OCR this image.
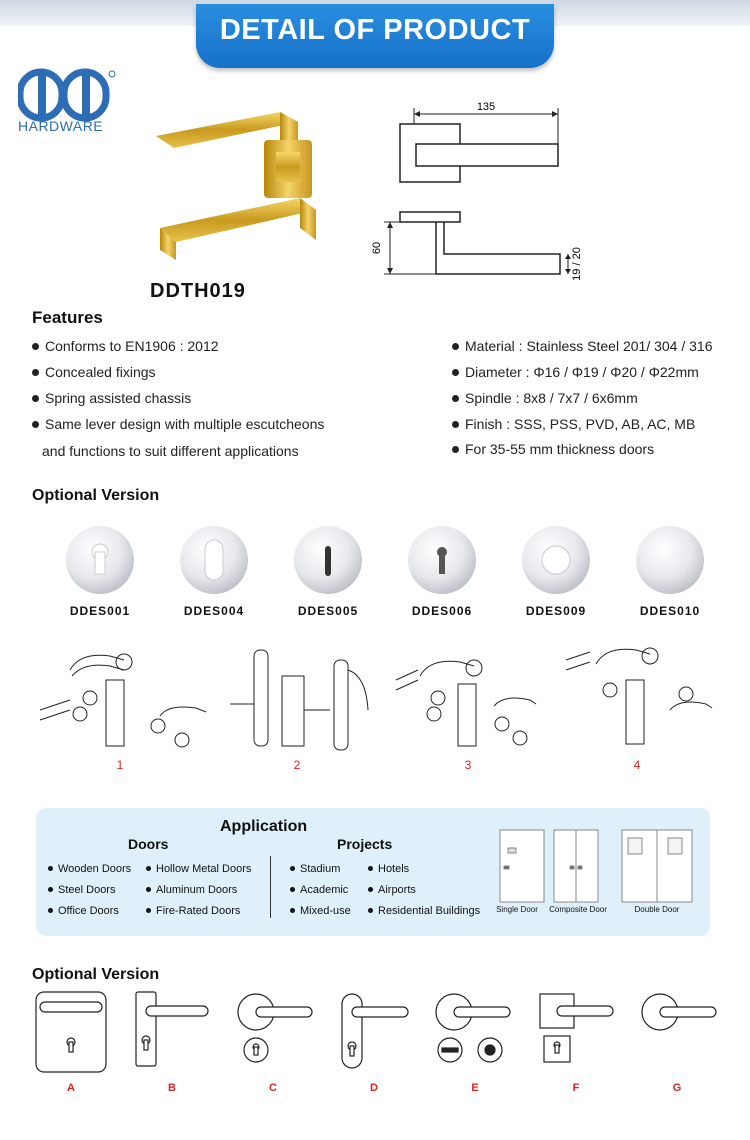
DETAIL OF PRODUCT
HARDWARE
DDTH019
135
60	19 / 20
Features
Conforms to EN1906 : 2012
Concealed fixings
Spring assisted chassis
Same lever design with multiple escutcheons
and functions to suit different applications
Material : Stainless Steel 201/ 304 / 316
Diameter : Φ16 / Φ19 / Φ20 / Φ22mm
Spindle : 8x8 / 7x7 / 6x6mm
Finish : SSS, PSS, PVD, AB, AC, MB
For 35-55 mm thickness doors
Optional Version
DDES001	DDES004	DDES005	DDES006	DDES009	DDES010
1	2	3	4
Application
Doors	Projects
Wooden Doors
Steel Doors
Office Doors
Hollow Metal Doors
Aluminum Doors
Fire-Rated Doors
Stadium
Academic
Mixed-use
Hotels
Airports
Residential Buildings	Single Door	Composite Door	Double Door
Optional Version
A	B	C	D	E	F	G
